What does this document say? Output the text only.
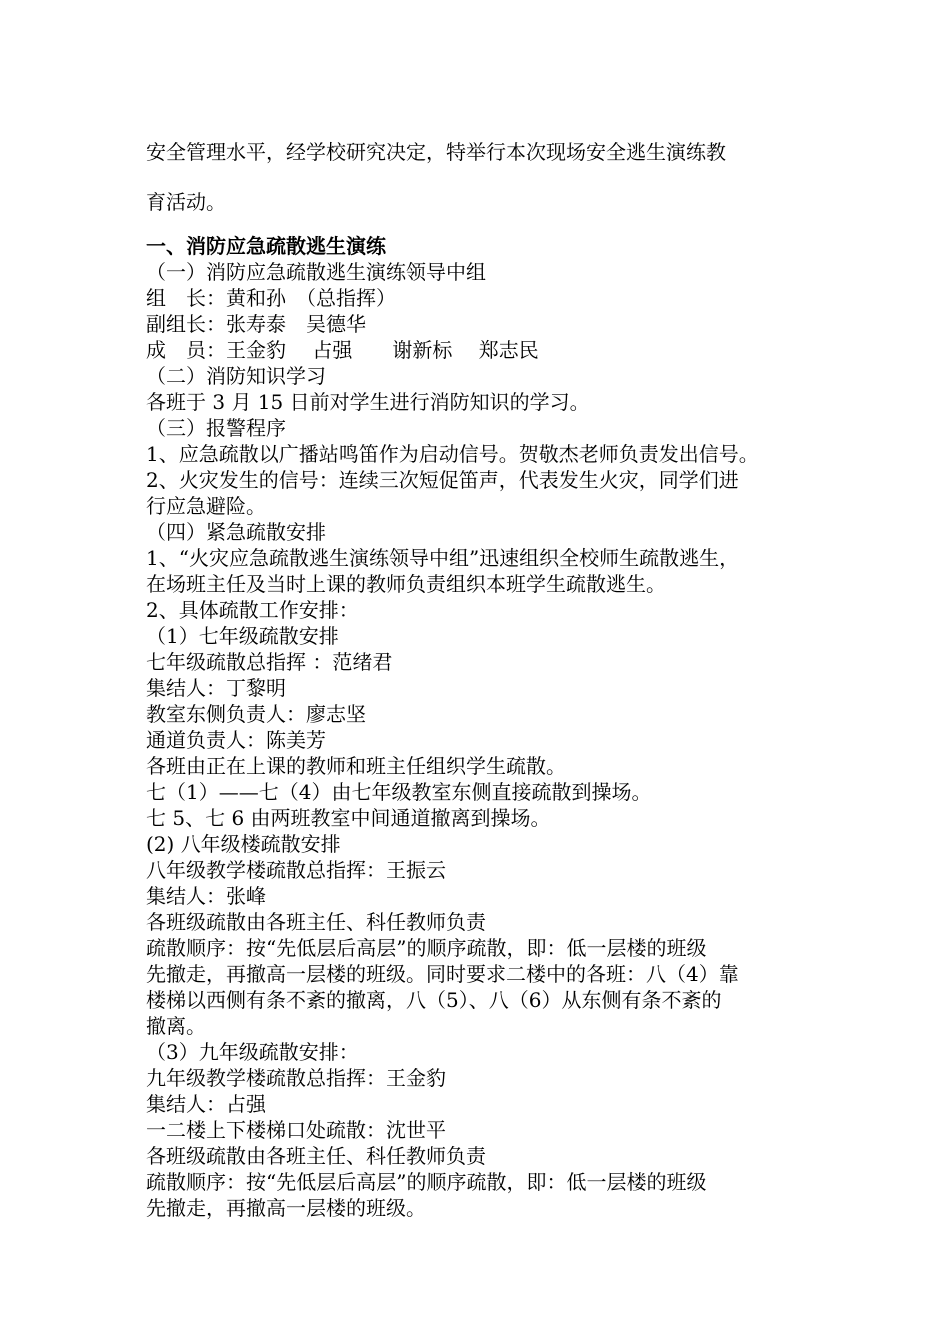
安全管理水平，经学校研究决定，特举行本次现场安全逃生演练教
育活动。
一、消防应急疏散逃生演练
（一）消防应急疏散逃生演练领导中组
组　长：黄和孙　（总指挥）
副组长：张寿泰　吴德华
成　员：王金豹　 占强　　谢新标　 郑志民
（二）消防知识学习
各班于 3 月 15 日前对学生进行消防知识的学习。
（三）报警程序
1、应急疏散以广播站鸣笛作为启动信号。贺敬杰老师负责发出信号。
2、火灾发生的信号：连续三次短促笛声，代表发生火灾，同学们进
行应急避险。
（四）紧急疏散安排
1、“火灾应急疏散逃生演练领导中组”迅速组织全校师生疏散逃生，
在场班主任及当时上课的教师负责组织本班学生疏散逃生。
2、具体疏散工作安排：
（1）七年级疏散安排
七年级疏散总指挥 ：范绪君
集结人：丁黎明
教室东侧负责人：廖志坚
通道负责人：陈美芳
各班由正在上课的教师和班主任组织学生疏散。
七（1）——七（4）由七年级教室东侧直接疏散到操场。
七 5、七 6 由两班教室中间通道撤离到操场。
(2) 八年级楼疏散安排
八年级教学楼疏散总指挥：王振云
集结人：张峰
各班级疏散由各班主任、科任教师负责
疏散顺序：按“先低层后高层”的顺序疏散，即：低一层楼的班级
先撤走，再撤高一层楼的班级。同时要求二楼中的各班：八（4）靠
楼梯以西侧有条不紊的撤离，八（5）、八（6）从东侧有条不紊的
撤离。
（3）九年级疏散安排：
九年级教学楼疏散总指挥：王金豹
集结人：占强
一二楼上下楼梯口处疏散：沈世平
各班级疏散由各班主任、科任教师负责
疏散顺序：按“先低层后高层”的顺序疏散，即：低一层楼的班级
先撤走，再撤高一层楼的班级。
